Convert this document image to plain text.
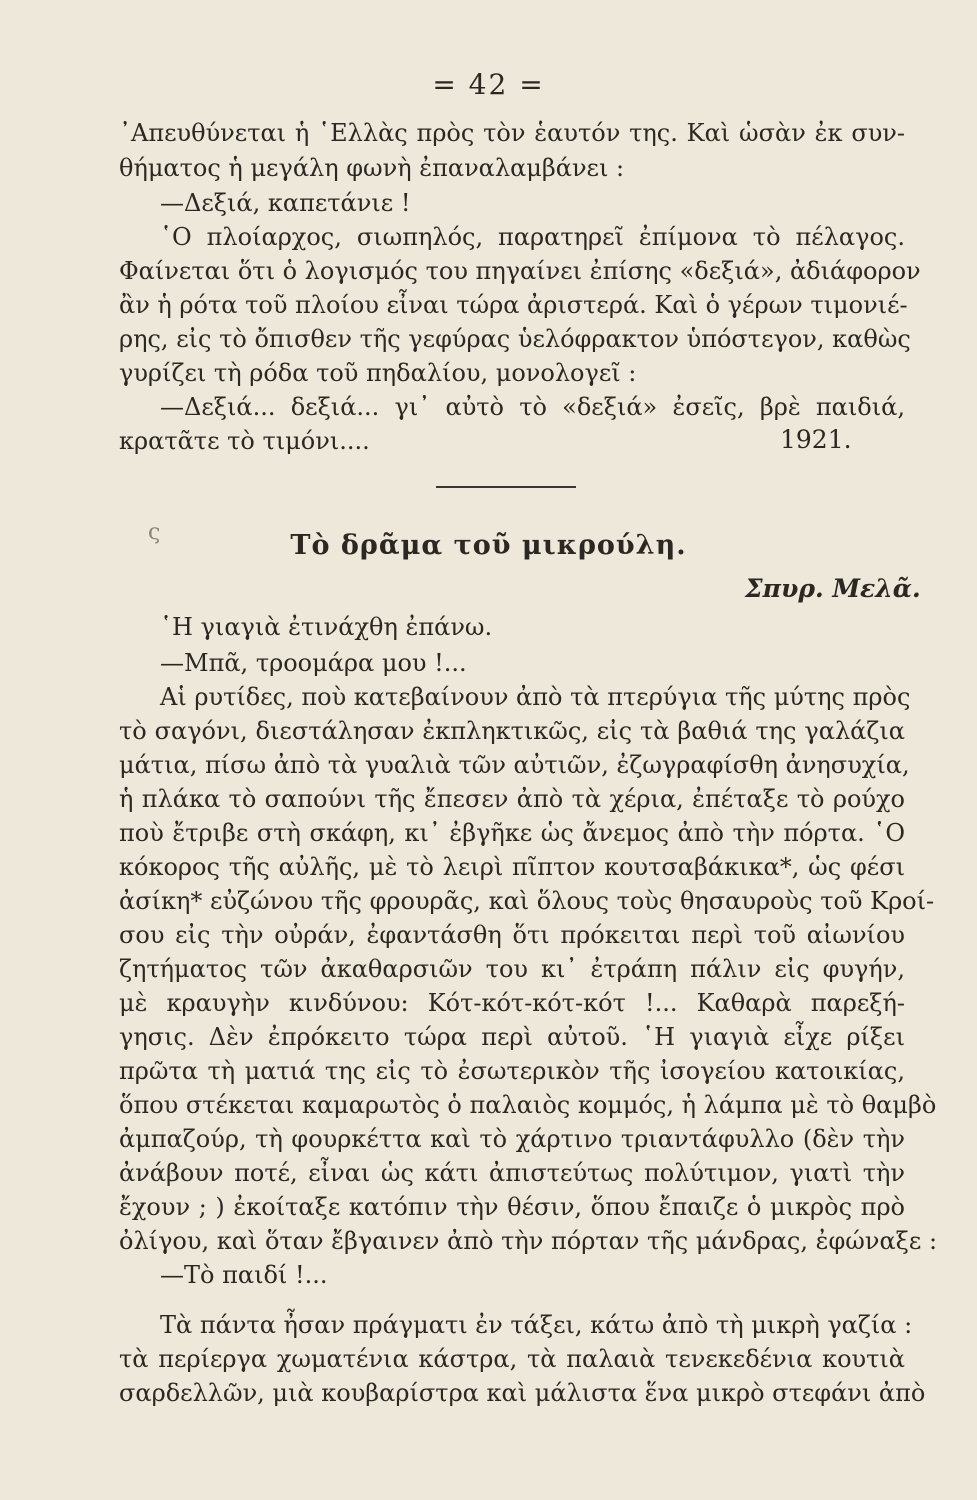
= 42 =
᾿Απευθύνεται ἡ ῾Ελλὰς πρὸς τὸν ἑαυτόν της. Καὶ ὡσὰν ἐκ συν-
θήματος ἡ μεγάλη φωνὴ ἐπαναλαμβάνει :
—Δεξιά, καπετάνιε !
῾Ο πλοίαρχος, σιωπηλός, παρατηρεῖ ἐπίμονα τὸ πέλαγος.
Φαίνεται ὅτι ὁ λογισμός του πηγαίνει ἐπίσης «δεξιά», ἀδιάφορον
ἂν ἡ ρότα τοῦ πλοίου εἶναι τώρα ἀριστερά. Καὶ ὁ γέρων τιμονιέ-
ρης, εἰς τὸ ὄπισθεν τῆς γεφύρας ὑελόφρακτον ὑπόστεγον, καθὼς
γυρίζει τὴ ρόδα τοῦ πηδαλίου, μονολογεῖ :
—Δεξιά... δεξιά... γι᾿ αὐτὸ τὸ «δεξιά» ἐσεῖς, βρὲ παιδιά,
κρατᾶτε τὸ τιμόνι....	1921.
ς	Τὸ δρᾶμα τοῦ μικρούλη.
Σπυρ. Μελᾶ.
῾Η γιαγιὰ ἐτινάχθη ἐπάνω.
—Μπᾶ, τροομάρα μου !...
Αἱ ρυτίδες, ποὺ κατεβαίνουν ἀπὸ τὰ πτερύγια τῆς μύτης πρὸς
τὸ σαγόνι, διεστάλησαν ἐκπληκτικῶς, εἰς τὰ βαθιά της γαλάζια
μάτια, πίσω ἀπὸ τὰ γυαλιὰ τῶν αὐτιῶν, ἐζωγραφίσθη ἀνησυχία,
ἡ πλάκα τὸ σαπούνι τῆς ἔπεσεν ἀπὸ τὰ χέρια, ἐπέταξε τὸ ρούχο
ποὺ ἔτριβε στὴ σκάφη, κι᾿ ἐβγῆκε ὡς ἄνεμος ἀπὸ τὴν πόρτα. ῾Ο
κόκορος τῆς αὐλῆς, μὲ τὸ λειρὶ πῖπτον κουτσαβάκικα*, ὡς φέσι
ἀσίκη* εὐζώνου τῆς φρουρᾶς, καὶ ὅλους τοὺς θησαυροὺς τοῦ Κροί-
σου εἰς τὴν οὐράν, ἐφαντάσθη ὅτι πρόκειται περὶ τοῦ αἰωνίου
ζητήματος τῶν ἀκαθαρσιῶν του κι᾿ ἐτράπη πάλιν εἰς φυγήν,
μὲ κραυγὴν κινδύνου: Κότ-κότ-κότ-κότ !... Καθαρὰ παρεξή-
γησις. Δὲν ἐπρόκειτο τώρα περὶ αὐτοῦ. ῾Η γιαγιὰ εἶχε ρίξει
πρῶτα τὴ ματιά της εἰς τὸ ἐσωτερικὸν τῆς ἰσογείου κατοικίας,
ὅπου στέκεται καμαρωτὸς ὁ παλαιὸς κομμός, ἡ λάμπα μὲ τὸ θαμβὸ
ἀμπαζούρ, τὴ φουρκέττα καὶ τὸ χάρτινο τριαντάφυλλο (δὲν τὴν
ἀνάβουν ποτέ, εἶναι ὡς κάτι ἀπιστεύτως πολύτιμον, γιατὶ τὴν
ἔχουν ; ) ἐκοίταξε κατόπιν τὴν θέσιν, ὅπου ἔπαιζε ὁ μικρὸς πρὸ
ὀλίγου, καὶ ὅταν ἔβγαινεν ἀπὸ τὴν πόρταν τῆς μάνδρας, ἐφώναξε :
—Τὸ παιδί !...
Τὰ πάντα ἦσαν πράγματι ἐν τάξει, κάτω ἀπὸ τὴ μικρὴ γαζία :
τὰ περίεργα χωματένια κάστρα, τὰ παλαιὰ τενεκεδένια κουτιὰ
σαρδελλῶν, μιὰ κουβαρίστρα καὶ μάλιστα ἕνα μικρὸ στεφάνι ἀπὸ
